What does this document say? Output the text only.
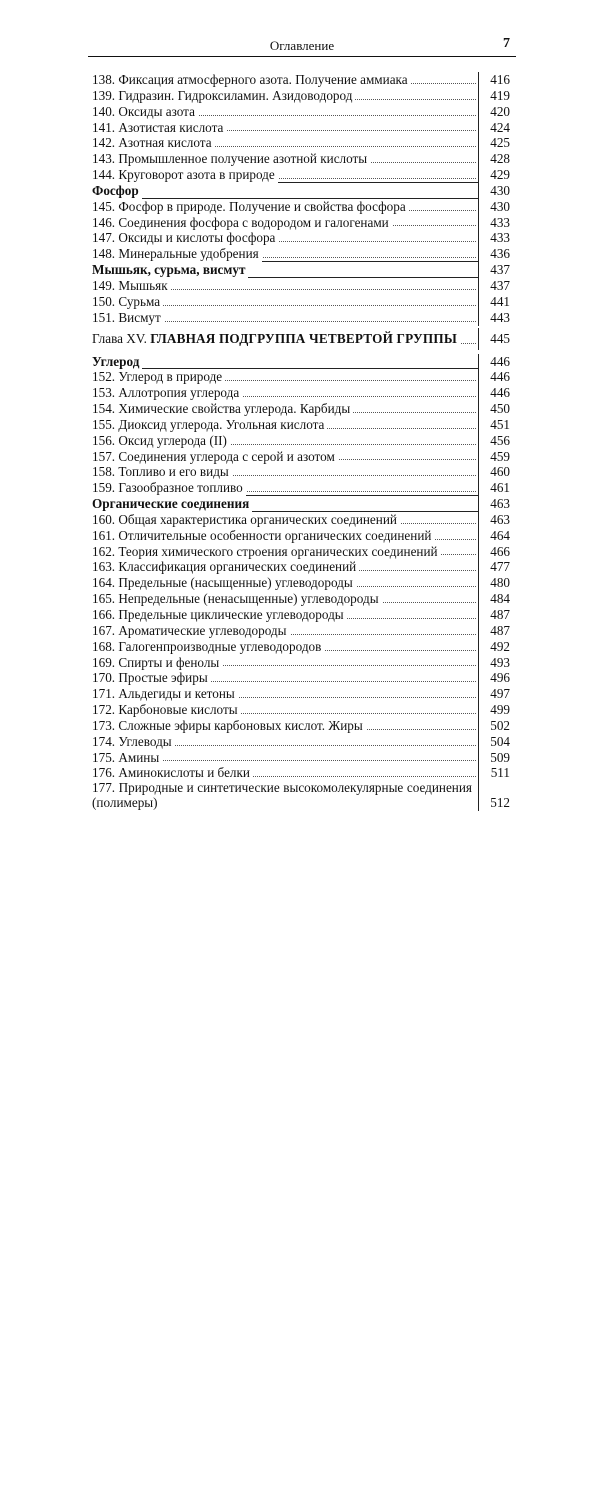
Оглавление	7
138. Фиксация атмосферного азота. Получение аммиака	416
139. Гидразин. Гидроксиламин. Азидоводород	419
140. Оксиды азота	420
141. Азотистая кислота	424
142. Азотная кислота	425
143. Промышленное получение азотной кислоты	428
144. Круговорот азота в природе	429
Фосфор	430
145. Фосфор в природе. Получение и свойства фосфора	430
146. Соединения фосфора с водородом и галогенами	433
147. Оксиды и кислоты фосфора	433
148. Минеральные удобрения	436
Мышьяк, сурьма, висмут	437
149. Мышьяк	437
150. Сурьма	441
151. Висмут	443
Глава XV. ГЛАВНАЯ ПОДГРУППА ЧЕТВЕРТОЙ ГРУППЫ	445
Углерод	446
152. Углерод в природе	446
153. Аллотропия углерода	446
154. Химические свойства углерода. Карбиды	450
155. Диоксид углерода. Угольная кислота	451
156. Оксид углерода (II)	456
157. Соединения углерода с серой и азотом	459
158. Топливо и его виды	460
159. Газообразное топливо	461
Органические соединения	463
160. Общая характеристика органических соединений	463
161. Отличительные особенности органических соединений	464
162. Теория химического строения органических соединений	466
163. Классификация органических соединений	477
164. Предельные (насыщенные) углеводороды	480
165. Непредельные (ненасыщенные) углеводороды	484
166. Предельные циклические углеводороды	487
167. Ароматические углеводороды	487
168. Галогенпроизводные углеводородов	492
169. Спирты и фенолы	493
170. Простые эфиры	496
171. Альдегиды и кетоны	497
172. Карбоновые кислоты	499
173. Сложные эфиры карбоновых кислот. Жиры	502
174. Углеводы	504
175. Амины	509
176. Аминокислоты и белки	511
177. Природные и синтетические высокомолекулярные соединения (полимеры)	512
